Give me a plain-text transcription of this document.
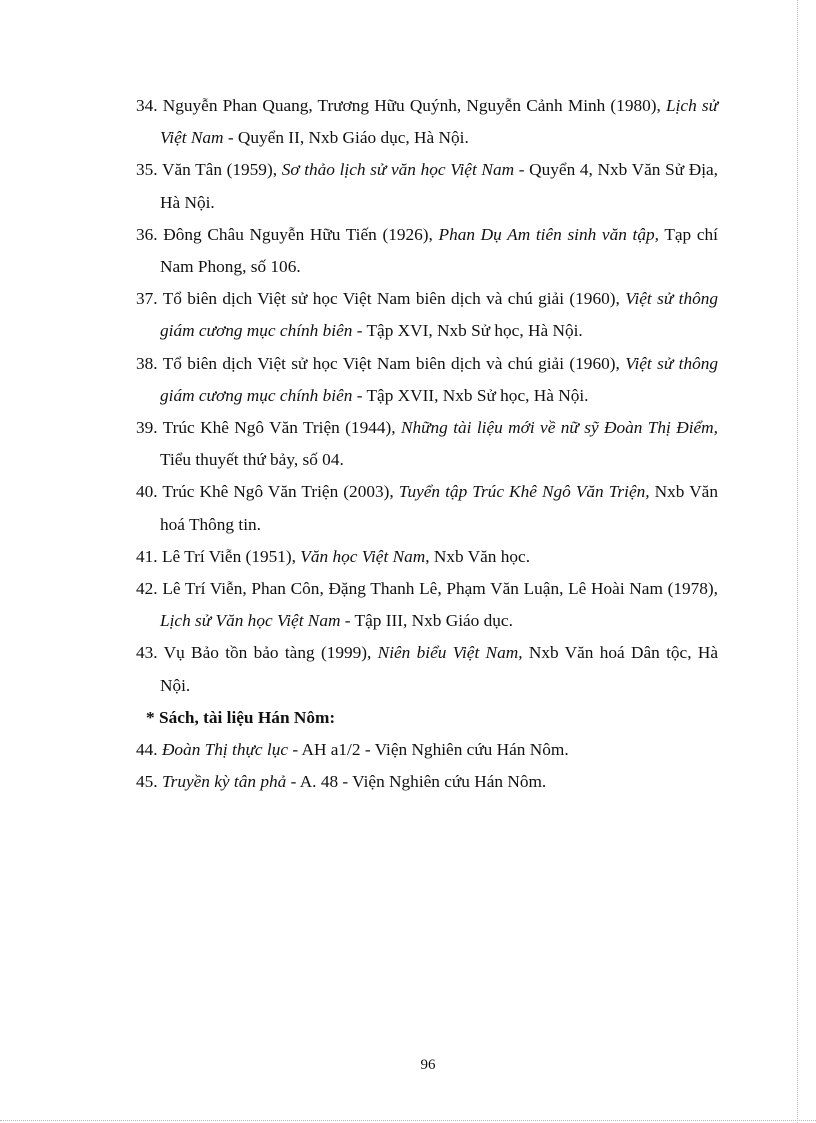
34. Nguyễn Phan Quang, Trương Hữu Quýnh, Nguyễn Cảnh Minh (1980), Lịch sử Việt Nam - Quyển II, Nxb Giáo dục, Hà Nội.
35. Văn Tân (1959), Sơ thảo lịch sử văn học Việt Nam - Quyển 4, Nxb Văn Sử Địa, Hà Nội.
36. Đông Châu Nguyễn Hữu Tiến (1926), Phan Dụ Am tiên sinh văn tập, Tạp chí Nam Phong, số 106.
37. Tổ biên dịch Việt sử học Việt Nam biên dịch và chú giải (1960), Việt sử thông giám cương mục chính biên - Tập XVI, Nxb Sử học, Hà Nội.
38. Tổ biên dịch Việt sử học Việt Nam biên dịch và chú giải (1960), Việt sử thông giám cương mục chính biên - Tập XVII, Nxb Sử học, Hà Nội.
39. Trúc Khê Ngô Văn Triện (1944), Những tài liệu mới về nữ sỹ Đoàn Thị Điểm, Tiểu thuyết thứ bảy, số 04.
40. Trúc Khê Ngô Văn Triện (2003), Tuyển tập Trúc Khê Ngô Văn Triện, Nxb Văn hoá Thông tin.
41. Lê Trí Viễn (1951), Văn học Việt Nam, Nxb Văn học.
42. Lê Trí Viễn, Phan Côn, Đặng Thanh Lê, Phạm Văn Luận, Lê Hoài Nam (1978), Lịch sử Văn học Việt Nam - Tập III, Nxb Giáo dục.
43. Vụ Bảo tồn bảo tàng (1999), Niên biểu Việt Nam, Nxb Văn hoá Dân tộc, Hà Nội.
* Sách, tài liệu Hán Nôm:
44. Đoàn Thị thực lục - AH a1/2 - Viện Nghiên cứu Hán Nôm.
45. Truyền kỳ tân phả - A. 48 - Viện Nghiên cứu Hán Nôm.
96
